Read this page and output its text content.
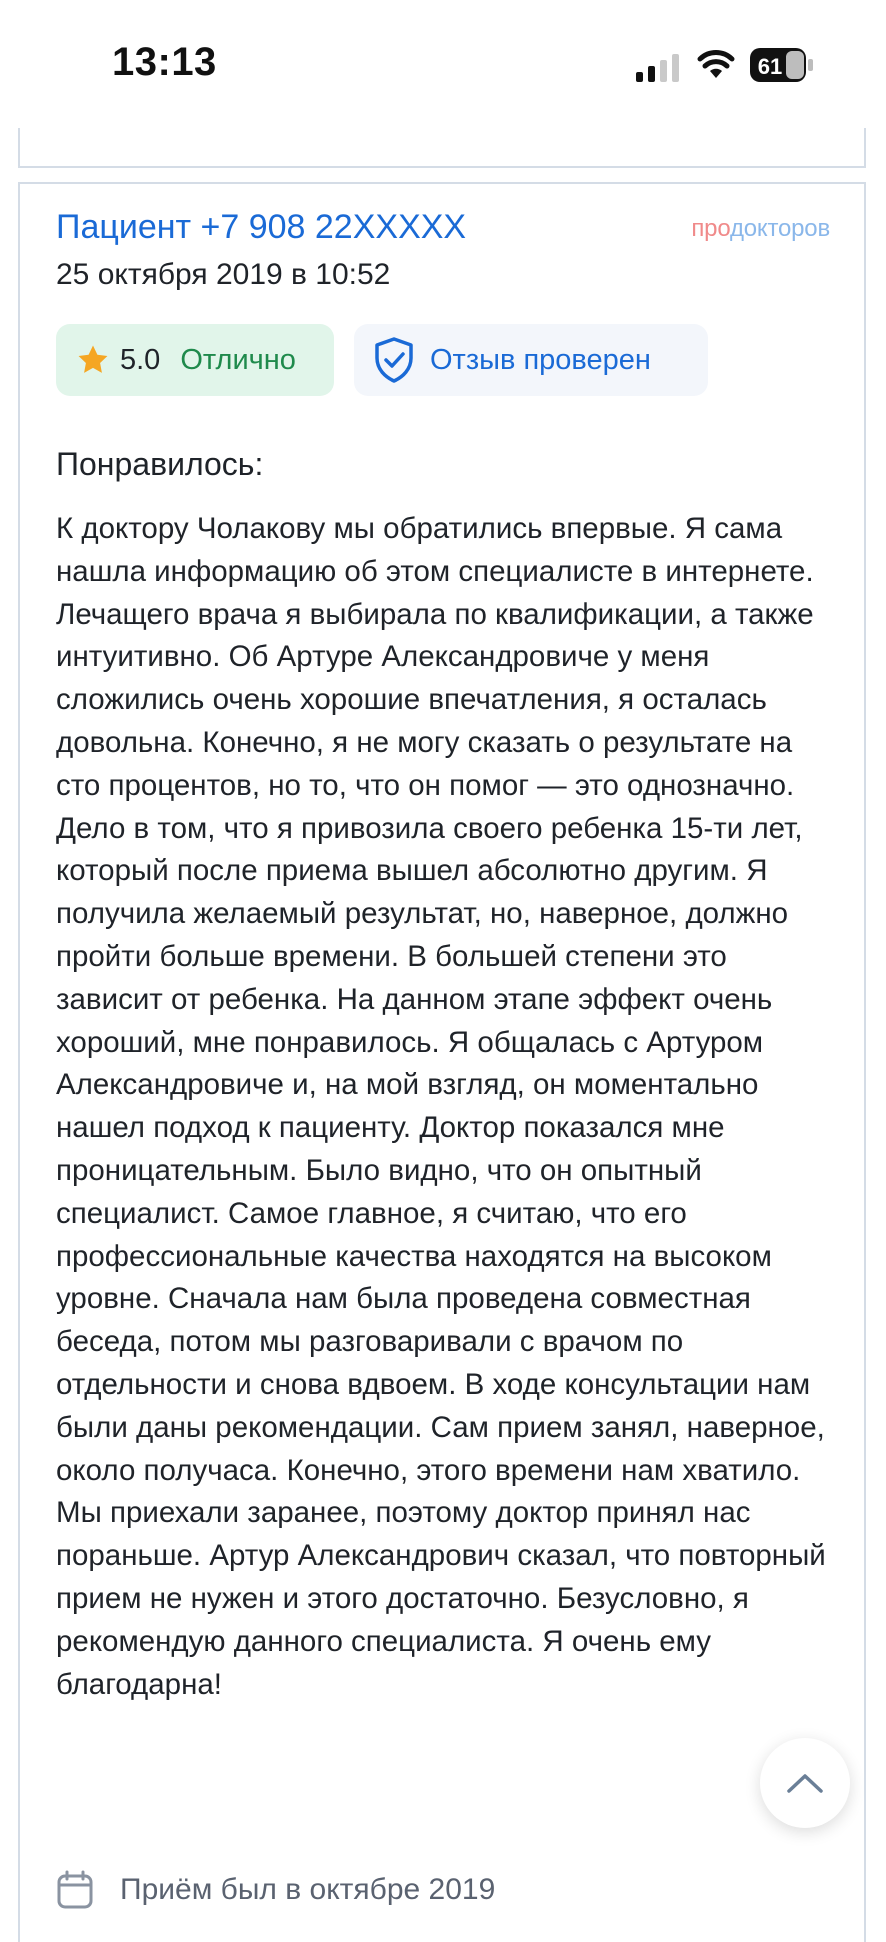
13:13	61
Пациент +7 908 22XXXXX	продокторов
25 октября 2019 в 10:52
5.0 Отлично	Отзыв проверен
Понравилось:
К доктору Чолакову мы обратились впервые. Я сама нашла информацию об этом специалисте в интернете. Лечащего врача я выбирала по квалификации, а также интуитивно. Об Артуре Александровиче у меня сложились очень хорошие впечатления, я осталась довольна. Конечно, я не могу сказать о результате на сто процентов, но то, что он помог — это однозначно. Дело в том, что я привозила своего ребенка 15-ти лет, который после приема вышел абсолютно другим. Я получила желаемый результат, но, наверное, должно пройти больше времени. В большей степени это зависит от ребенка. На данном этапе эффект очень хороший, мне понравилось. Я общалась с Артуром Александровиче и, на мой взгляд, он моментально нашел подход к пациенту. Доктор показался мне проницательным. Было видно, что он опытный специалист. Самое главное, я считаю, что его профессиональные качества находятся на высоком уровне. Сначала нам была проведена совместная беседа, потом мы разговаривали с врачом по отдельности и снова вдвоем. В ходе консультации нам были даны рекомендации. Сам прием занял, наверное, около получаса. Конечно, этого времени нам хватило. Мы приехали заранее, поэтому доктор принял нас пораньше. Артур Александрович сказал, что повторный прием не нужен и этого достаточно. Безусловно, я рекомендую данного специалиста. Я очень ему благодарна!
Приём был в октябре 2019
